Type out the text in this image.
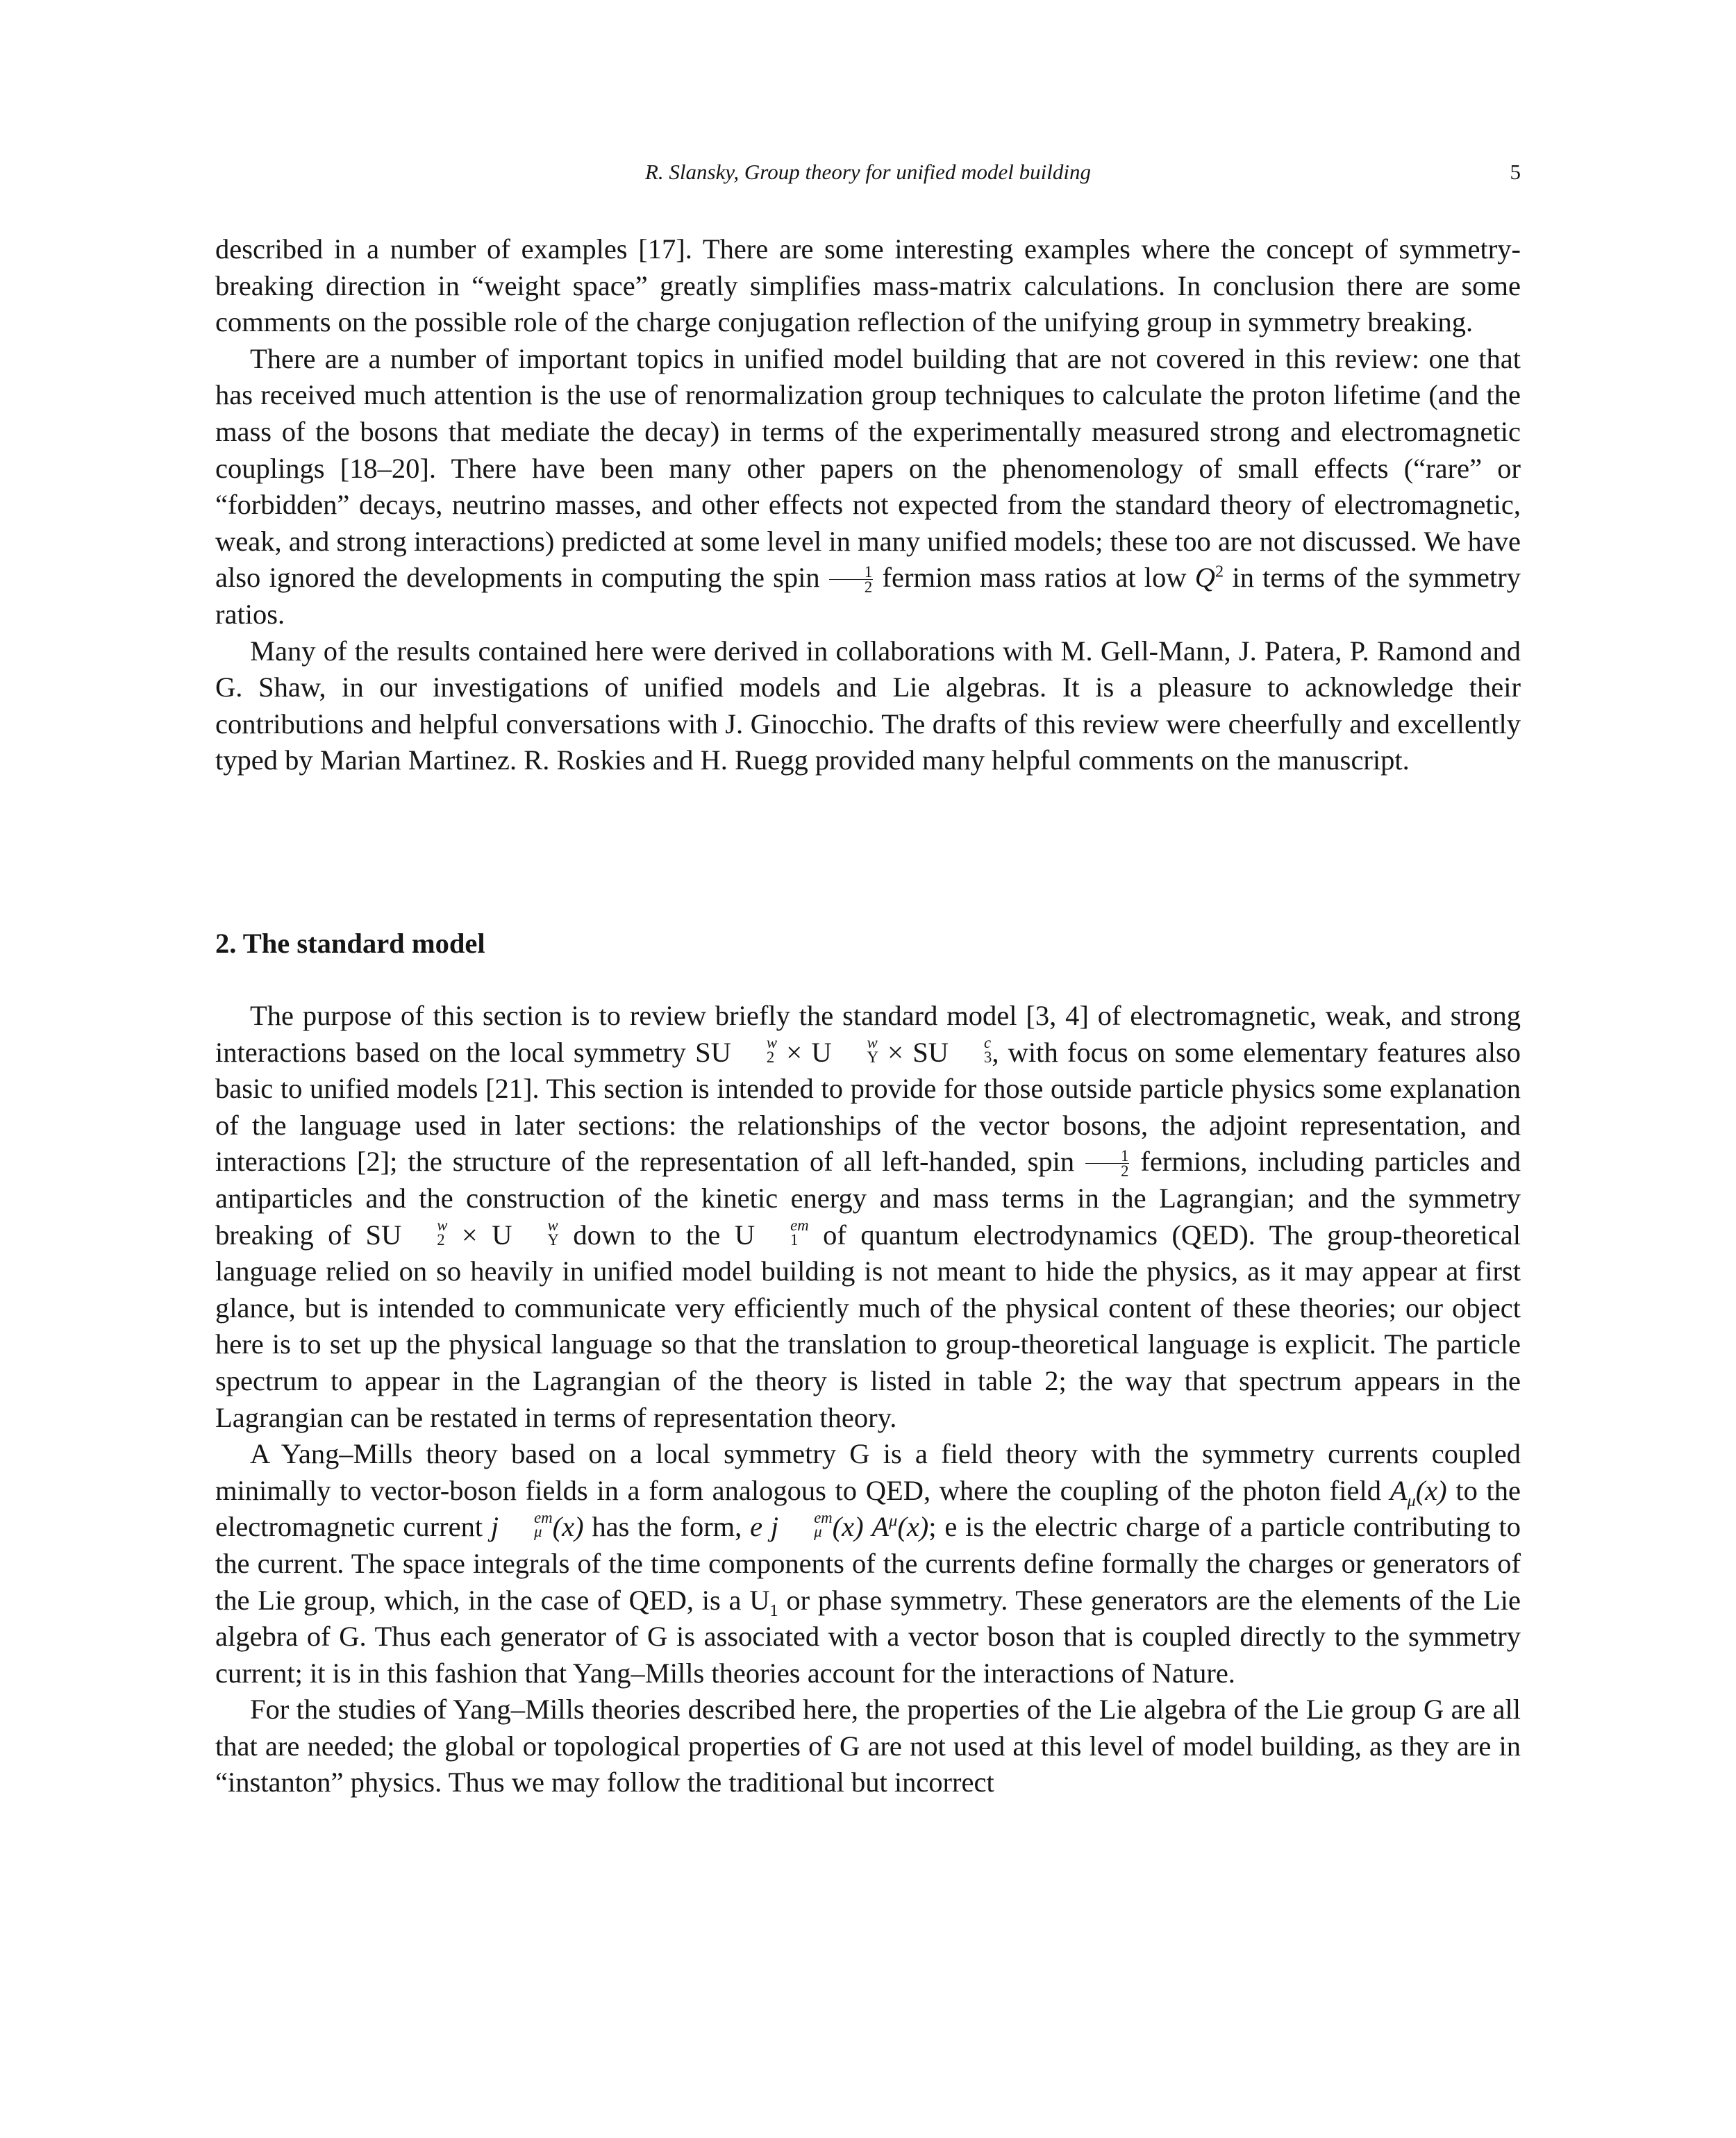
R. Slansky, Group theory for unified model building	5

described in a number of examples [17]. There are some interesting examples where the concept of symmetry-breaking direction in “weight space” greatly simplifies mass-matrix calculations. In conclusion there are some comments on the possible role of the charge conjugation reflection of the unifying group in symmetry breaking.

There are a number of important topics in unified model building that are not covered in this review: one that has received much attention is the use of renormalization group techniques to calculate the proton lifetime (and the mass of the bosons that mediate the decay) in terms of the experimentally measured strong and electromagnetic couplings [18–20]. There have been many other papers on the phenomenology of small effects (“rare” or “forbidden” decays, neutrino masses, and other effects not expected from the standard theory of electromagnetic, weak, and strong interactions) predicted at some level in many unified models; these too are not discussed. We have also ignored the developments in computing the spin $\frac{1}{2}$ fermion mass ratios at low $Q^2$ in terms of the symmetry ratios.

Many of the results contained here were derived in collaborations with M. Gell-Mann, J. Patera, P. Ramond and G. Shaw, in our investigations of unified models and Lie algebras. It is a pleasure to acknowledge their contributions and helpful conversations with J. Ginocchio. The drafts of this review were cheerfully and excellently typed by Marian Martinez. R. Roskies and H. Ruegg provided many helpful comments on the manuscript.

2. The standard model

The purpose of this section is to review briefly the standard model [3, 4] of electromagnetic, weak, and strong interactions based on the local symmetry SU	w
2 × U	w
Y × SU	c
3 , with focus on some elementary features also basic to unified models [21]. This section is intended to provide for those outside particle physics some explanation of the language used in later sections: the relationships of the vector bosons, the adjoint representation, and interactions [2]; the structure of the representation of all left-handed, spin $\frac{1}{2}$ fermions, including particles and antiparticles and the construction of the kinetic energy and mass terms in the Lagrangian; and the symmetry breaking of SU	w
2 × U	w
Y down to the U	em
1 of quantum electrodynamics (QED). The group-theoretical language relied on so heavily in unified model building is not meant to hide the physics, as it may appear at first glance, but is intended to communicate very efficiently much of the physical content of these theories; our object here is to set up the physical language so that the translation to group-theoretical language is explicit. The particle spectrum to appear in the Lagrangian of the theory is listed in table 2; the way that spectrum appears in the Lagrangian can be restated in terms of representation theory.

A Yang–Mills theory based on a local symmetry G is a field theory with the symmetry currents coupled minimally to vector-boson fields in a form analogous to QED, where the coupling of the photon field $A_\mu(x)$ to the electromagnetic current j	em
μ (x) has the form, e j	em
μ (x) $A^\mu(x)$; e is the electric charge of a particle contributing to the current. The space integrals of the time components of the currents define formally the charges or generators of the Lie group, which, in the case of QED, is a $U_1$ or phase symmetry. These generators are the elements of the Lie algebra of G. Thus each generator of G is associated with a vector boson that is coupled directly to the symmetry current; it is in this fashion that Yang–Mills theories account for the interactions of Nature.

For the studies of Yang–Mills theories described here, the properties of the Lie algebra of the Lie group G are all that are needed; the global or topological properties of G are not used at this level of model building, as they are in “instanton” physics. Thus we may follow the traditional but incorrect
